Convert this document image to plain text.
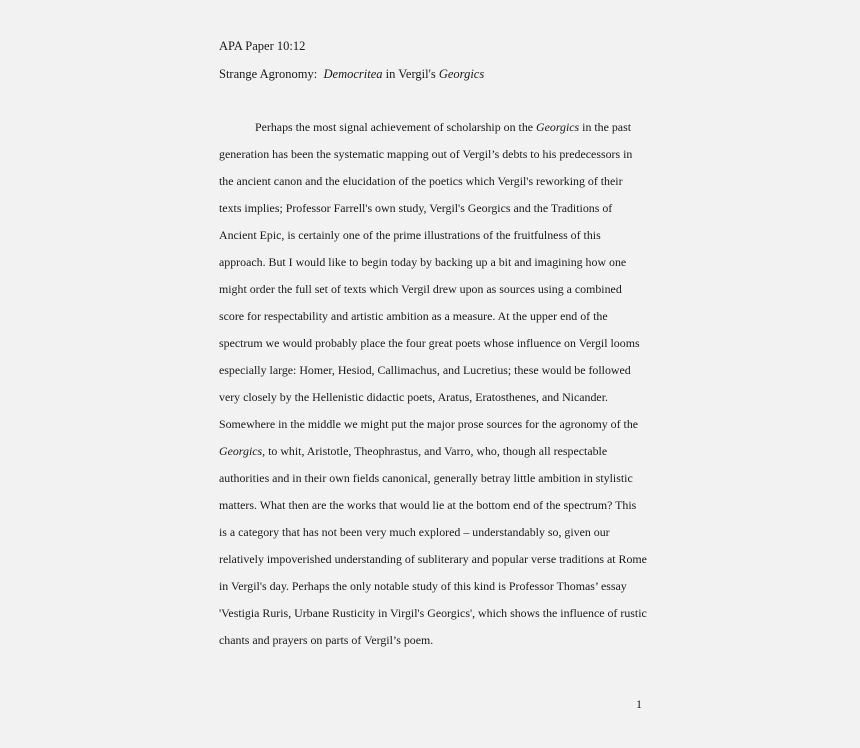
APA Paper 10:12
Strange Agronomy:  Democritea in Vergil's Georgics
Perhaps the most signal achievement of scholarship on the Georgics in the past
generation has been the systematic mapping out of Vergil’s debts to his predecessors in
the ancient canon and the elucidation of the poetics which Vergil's reworking of their
texts implies; Professor Farrell's own study, Vergil's Georgics and the Traditions of
Ancient Epic, is certainly one of the prime illustrations of the fruitfulness of this
approach. But I would like to begin today by backing up a bit and imagining how one
might order the full set of texts which Vergil drew upon as sources using a combined
score for respectability and artistic ambition as a measure. At the upper end of the
spectrum we would probably place the four great poets whose influence on Vergil looms
especially large: Homer, Hesiod, Callimachus, and Lucretius; these would be followed
very closely by the Hellenistic didactic poets, Aratus, Eratosthenes, and Nicander.
Somewhere in the middle we might put the major prose sources for the agronomy of the
Georgics, to whit, Aristotle, Theophrastus, and Varro, who, though all respectable
authorities and in their own fields canonical, generally betray little ambition in stylistic
matters. What then are the works that would lie at the bottom end of the spectrum? This
is a category that has not been very much explored – understandably so, given our
relatively impoverished understanding of subliterary and popular verse traditions at Rome
in Vergil's day. Perhaps the only notable study of this kind is Professor Thomas’ essay
'Vestigia Ruris, Urbane Rusticity in Virgil's Georgics', which shows the influence of rustic
chants and prayers on parts of Vergil’s poem.
1
